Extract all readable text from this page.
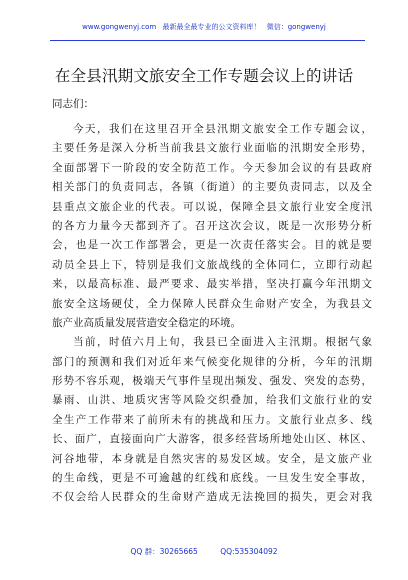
www.gongwenyj.com 最新最全最专业的公文资料库！ 微信：gongwenyj
在全县汛期文旅安全工作专题会议上的讲话
同志们：
今天，我们在这里召开全县汛期文旅安全工作专题会议，
主要任务是深入分析当前我县文旅行业面临的汛期安全形势，
全面部署下一阶段的安全防范工作。今天参加会议的有县政府
相关部门的负责同志，各镇（街道）的主要负责同志，以及全
县重点文旅企业的代表。可以说，保障全县文旅行业安全度汛
的各方力量今天都到齐了。召开这次会议，既是一次形势分析
会，也是一次工作部署会，更是一次责任落实会。目的就是要
动员全县上下，特别是我们文旅战线的全体同仁，立即行动起
来，以最高标准、最严要求、最实举措，坚决打赢今年汛期文
旅安全这场硬仗，全力保障人民群众生命财产安全，为我县文
旅产业高质量发展营造安全稳定的环境。
当前，时值六月上旬，我县已全面进入主汛期。根据气象
部门的预测和我们对近年来气候变化规律的分析，今年的汛期
形势不容乐观，极端天气事件呈现出频发、强发、突发的态势，
暴雨、山洪、地质灾害等风险交织叠加，给我们文旅行业的安
全生产工作带来了前所未有的挑战和压力。文旅行业点多、线
长、面广，直接面向广大游客，很多经营场所地处山区、林区、
河谷地带，本身就是自然灾害的易发区域。安全，是文旅产业
的生命线，更是不可逾越的红线和底线。一旦发生安全事故，
不仅会给人民群众的生命财产造成无法挽回的损失，更会对我
QQ 群：30265665	QQ:535304092
